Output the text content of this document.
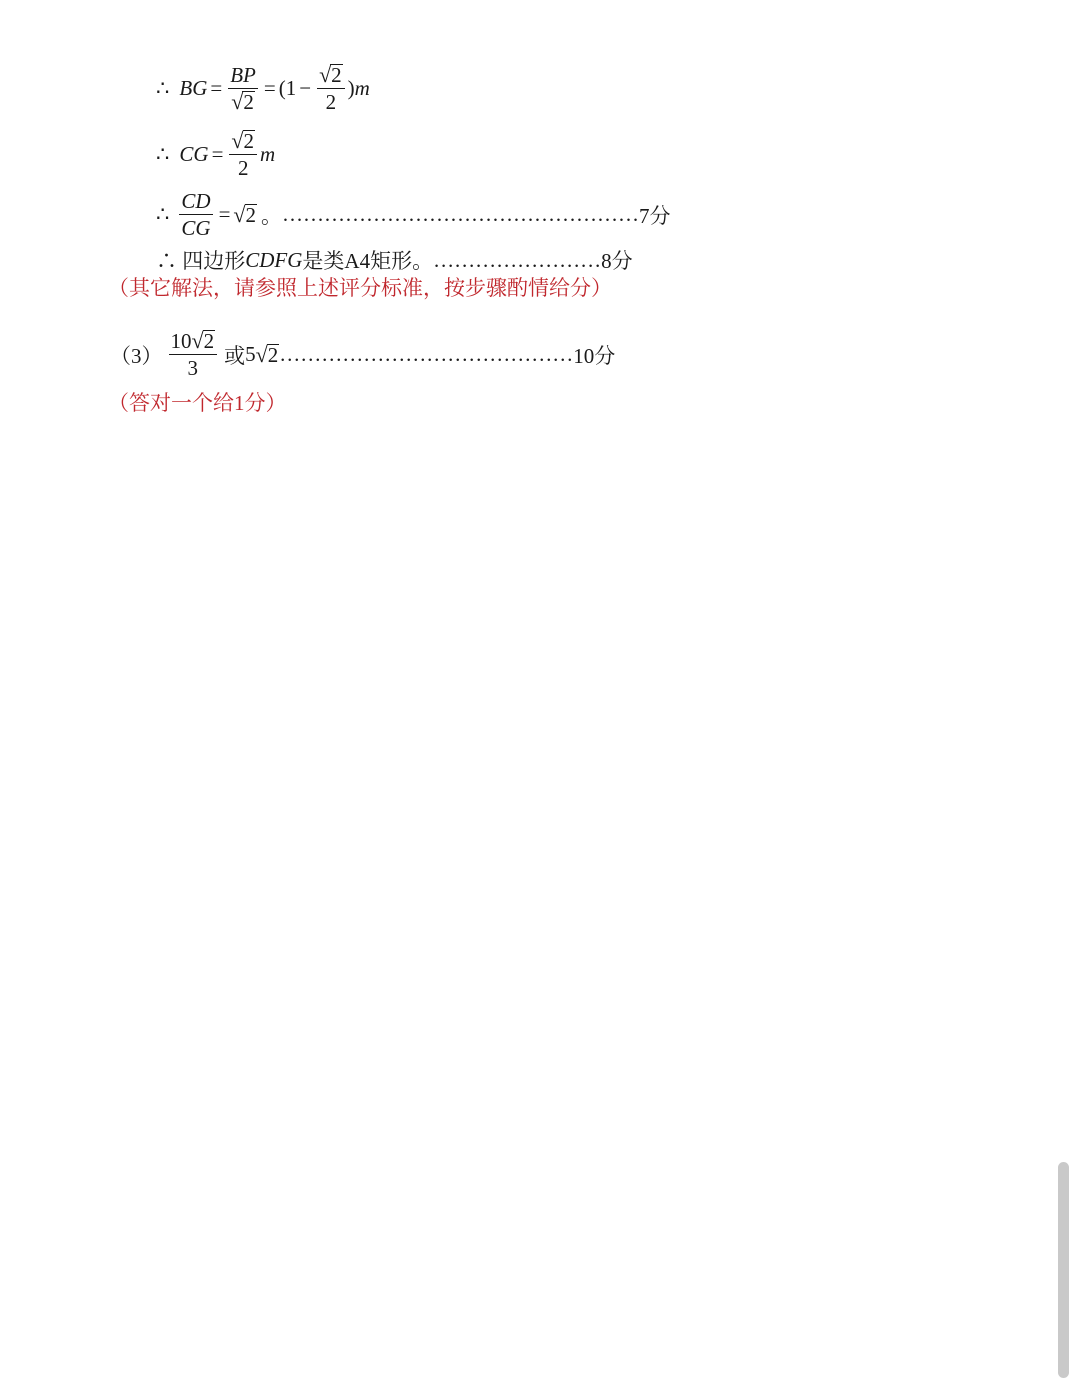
∴ BG = $\frac{BP}{√ 2} = (1 - \frac{√ 2}{2}$ ) m
∴ CG = $\frac{√ 2}{2}$ m
∴ $\frac{CD}{CG}$ = √ 2 。 …………………………………………… 7分
∴ 四边形 CDFG 是类A4矩形。 …………………… 8分
（其它解法，请参照上述评分标准，按步骤酌情给分）
$(3) \frac{10 √ 2}{3}$ 或 5 √ 2 …………………………………… 10分
（答对一个给1分）
